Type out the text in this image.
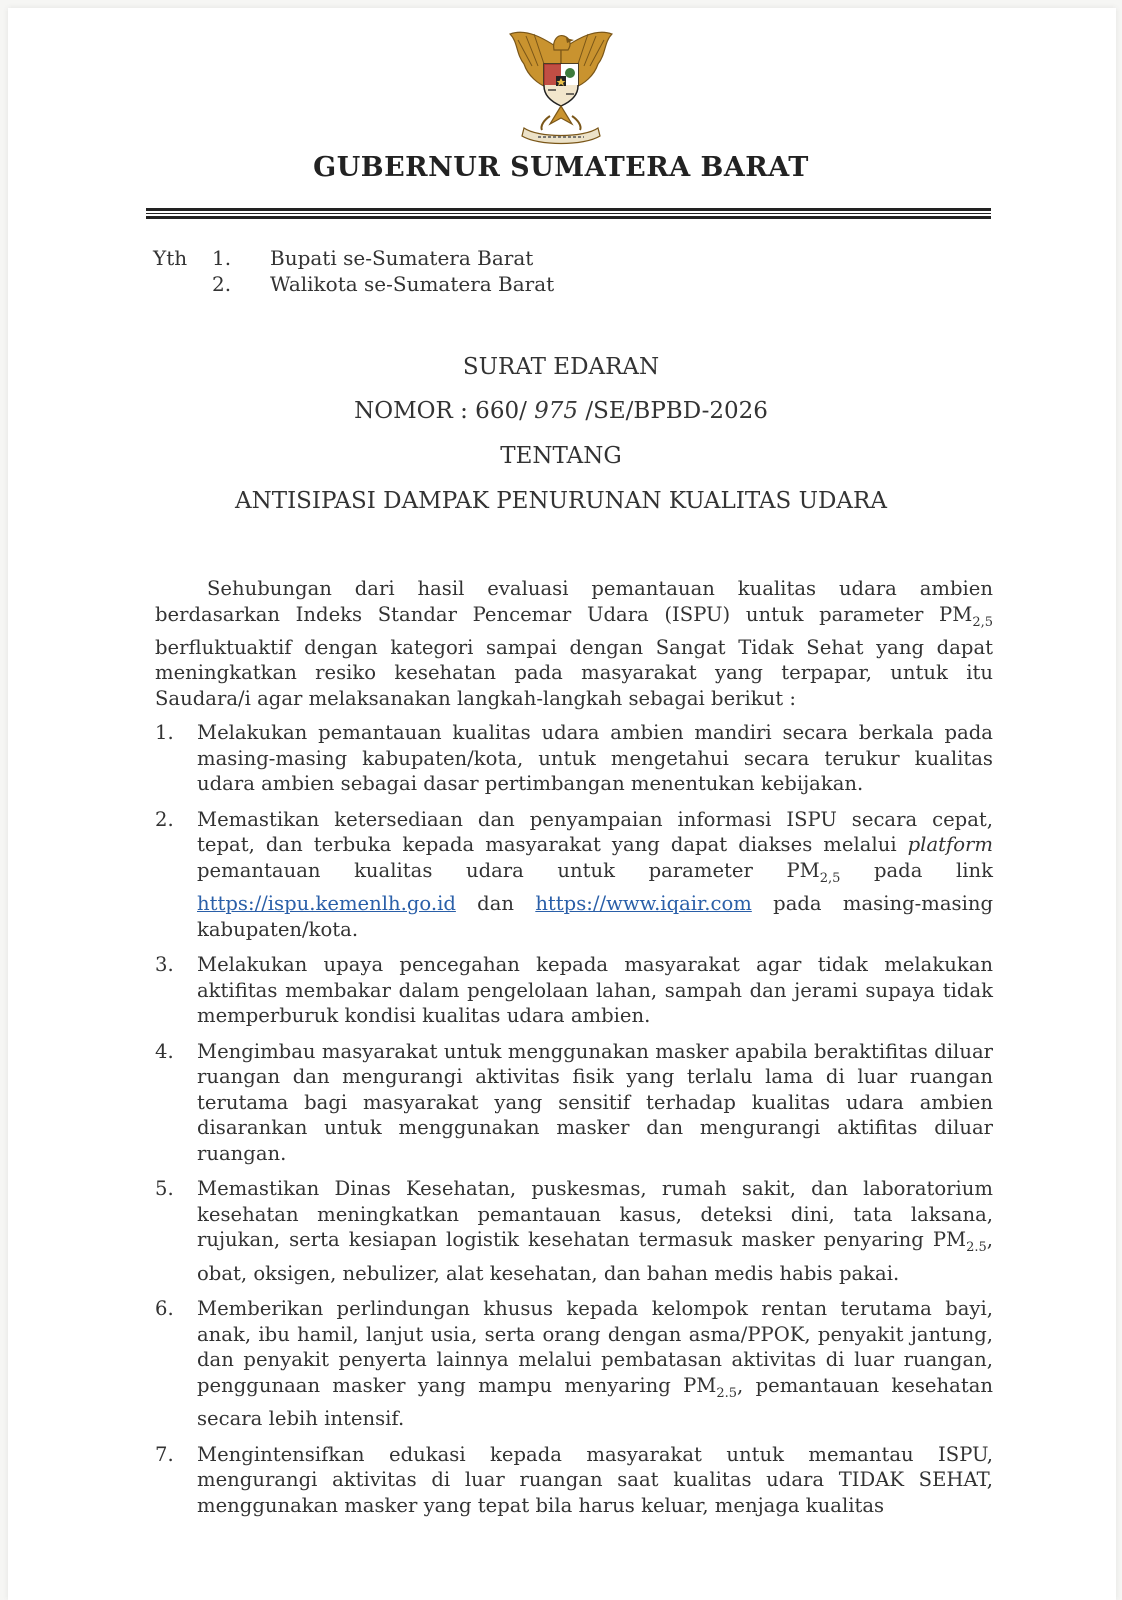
GUBERNUR SUMATERA BARAT
Yth 1.	Bupati se-Sumatera Barat
2.	Walikota se-Sumatera Barat
SURAT EDARAN
NOMOR : 660/ 975 /SE/BPBD-2026
TENTANG
ANTISIPASI DAMPAK PENURUNAN KUALITAS UDARA

Sehubungan dari hasil evaluasi pemantauan kualitas udara ambien berdasarkan Indeks Standar Pencemar Udara (ISPU) untuk parameter $PM_{2,5}$ berfluktuaktif dengan kategori sampai dengan Sangat Tidak Sehat yang dapat meningkatkan resiko kesehatan pada masyarakat yang terpapar, untuk itu Saudara/i agar melaksanakan langkah-langkah sebagai berikut :

1. Melakukan pemantauan kualitas udara ambien mandiri secara berkala pada masing-masing kabupaten/kota, untuk mengetahui secara terukur kualitas udara ambien sebagai dasar pertimbangan menentukan kebijakan.
2. Memastikan ketersediaan dan penyampaian informasi ISPU secara cepat, tepat, dan terbuka kepada masyarakat yang dapat diakses melalui platform pemantauan kualitas udara untuk parameter $PM_{2,5}$ pada link https://ispu.kemenlh.go.id dan https://www.iqair.com pada masing-masing kabupaten/kota.
3. Melakukan upaya pencegahan kepada masyarakat agar tidak melakukan aktifitas membakar dalam pengelolaan lahan, sampah dan jerami supaya tidak memperburuk kondisi kualitas udara ambien.
4. Mengimbau masyarakat untuk menggunakan masker apabila beraktifitas diluar ruangan dan mengurangi aktivitas fisik yang terlalu lama di luar ruangan terutama bagi masyarakat yang sensitif terhadap kualitas udara ambien disarankan untuk menggunakan masker dan mengurangi aktifitas diluar ruangan.
5. Memastikan Dinas Kesehatan, puskesmas, rumah sakit, dan laboratorium kesehatan meningkatkan pemantauan kasus, deteksi dini, tata laksana, rujukan, serta kesiapan logistik kesehatan termasuk masker penyaring $PM_{2.5}$, obat, oksigen, nebulizer, alat kesehatan, dan bahan medis habis pakai.
6. Memberikan perlindungan khusus kepada kelompok rentan terutama bayi, anak, ibu hamil, lanjut usia, serta orang dengan asma/PPOK, penyakit jantung, dan penyakit penyerta lainnya melalui pembatasan aktivitas di luar ruangan, penggunaan masker yang mampu menyaring $PM_{2.5}$, pemantauan kesehatan secara lebih intensif.
7. Mengintensifkan edukasi kepada masyarakat untuk memantau ISPU, mengurangi aktivitas di luar ruangan saat kualitas udara TIDAK SEHAT, menggunakan masker yang tepat bila harus keluar, menjaga kualitas
